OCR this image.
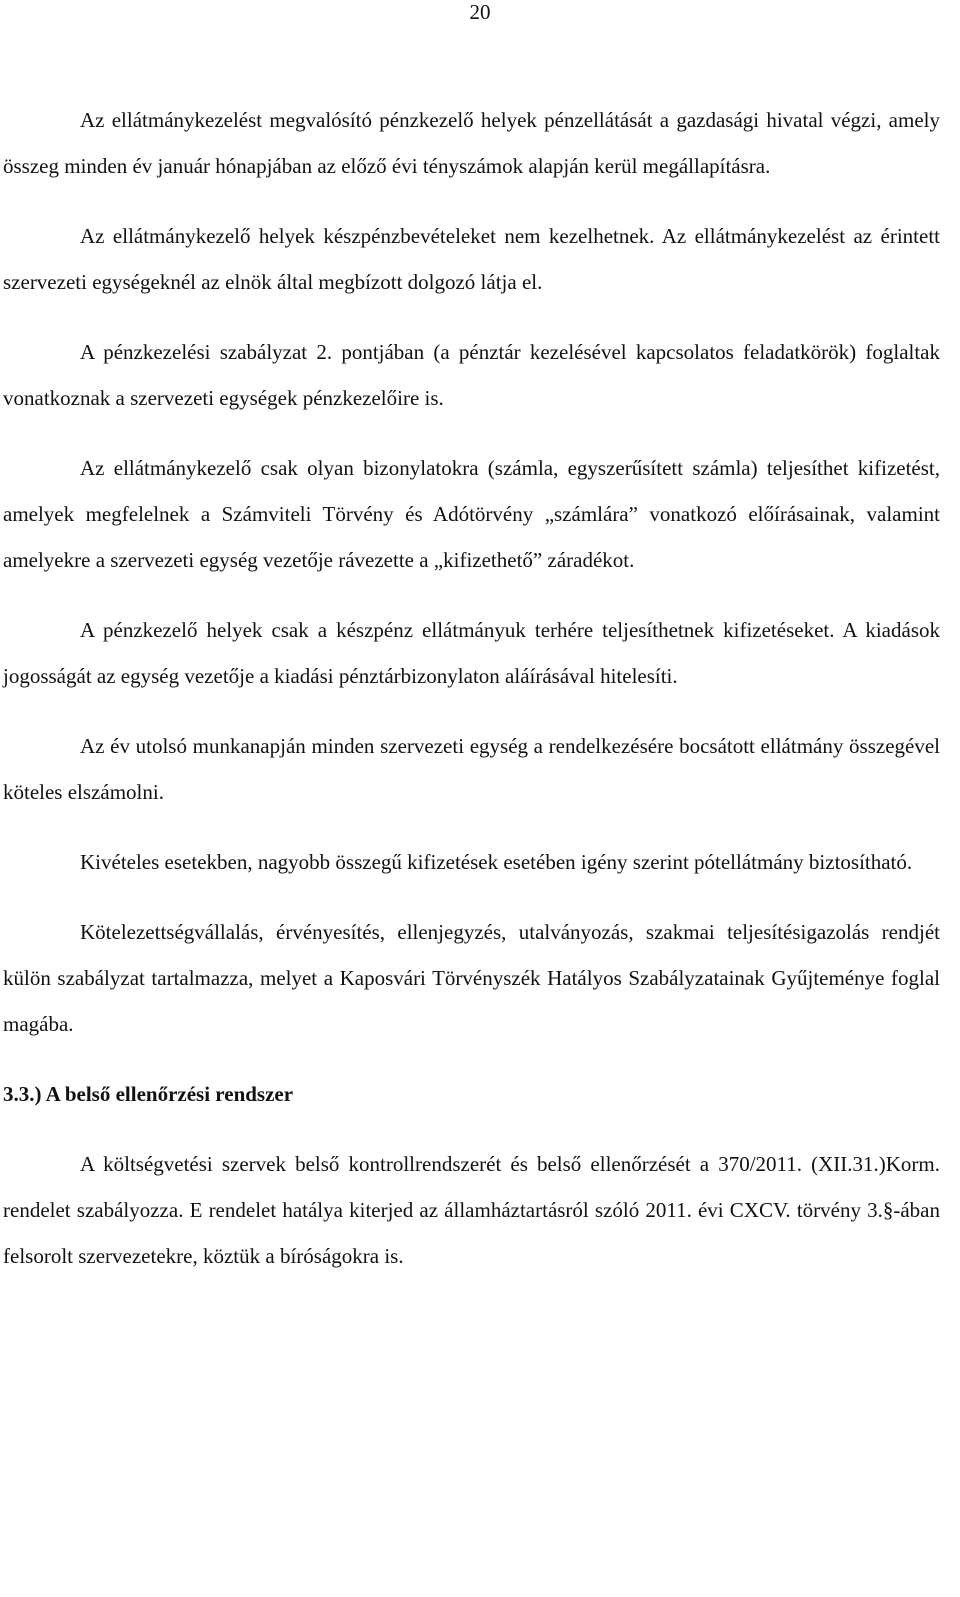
20

Az ellátmánykezelést megvalósító pénzkezelő helyek pénzellátását a gazdasági hivatal végzi, amely összeg minden év január hónapjában az előző évi tényszámok alapján kerül megállapításra.

Az ellátmánykezelő helyek készpénzbevételeket nem kezelhetnek. Az ellátmánykezelést az érintett szervezeti egységeknél az elnök által megbízott dolgozó látja el.

A pénzkezelési szabályzat 2. pontjában (a pénztár kezelésével kapcsolatos feladatkörök) foglaltak vonatkoznak a szervezeti egységek pénzkezelőire is.

Az ellátmánykezelő csak olyan bizonylatokra (számla, egyszerűsített számla) teljesíthet kifizetést, amelyek megfelelnek a Számviteli Törvény és Adótörvény „számlára” vonatkozó előírásainak, valamint amelyekre a szervezeti egység vezetője rávezette a „kifizethető” záradékot.

A pénzkezelő helyek csak a készpénz ellátmányuk terhére teljesíthetnek kifizetéseket. A kiadások jogosságát az egység vezetője a kiadási pénztárbizonylaton aláírásával hitelesíti.

Az év utolsó munkanapján minden szervezeti egység a rendelkezésére bocsátott ellátmány összegével köteles elszámolni.

Kivételes esetekben, nagyobb összegű kifizetések esetében igény szerint pótellátmány biztosítható.

Kötelezettségvállalás, érvényesítés, ellenjegyzés, utalványozás, szakmai teljesítésigazolás rendjét külön szabályzat tartalmazza, melyet a Kaposvári Törvényszék Hatályos Szabályzatainak Gyűjteménye foglal magába.

3.3.) A belső ellenőrzési rendszer

A költségvetési szervek belső kontrollrendszerét és belső ellenőrzését a 370/2011. (XII.31.)Korm. rendelet szabályozza. E rendelet hatálya kiterjed az államháztartásról szóló 2011. évi CXCV. törvény 3.§-ában felsorolt szervezetekre, köztük a bíróságokra is.
